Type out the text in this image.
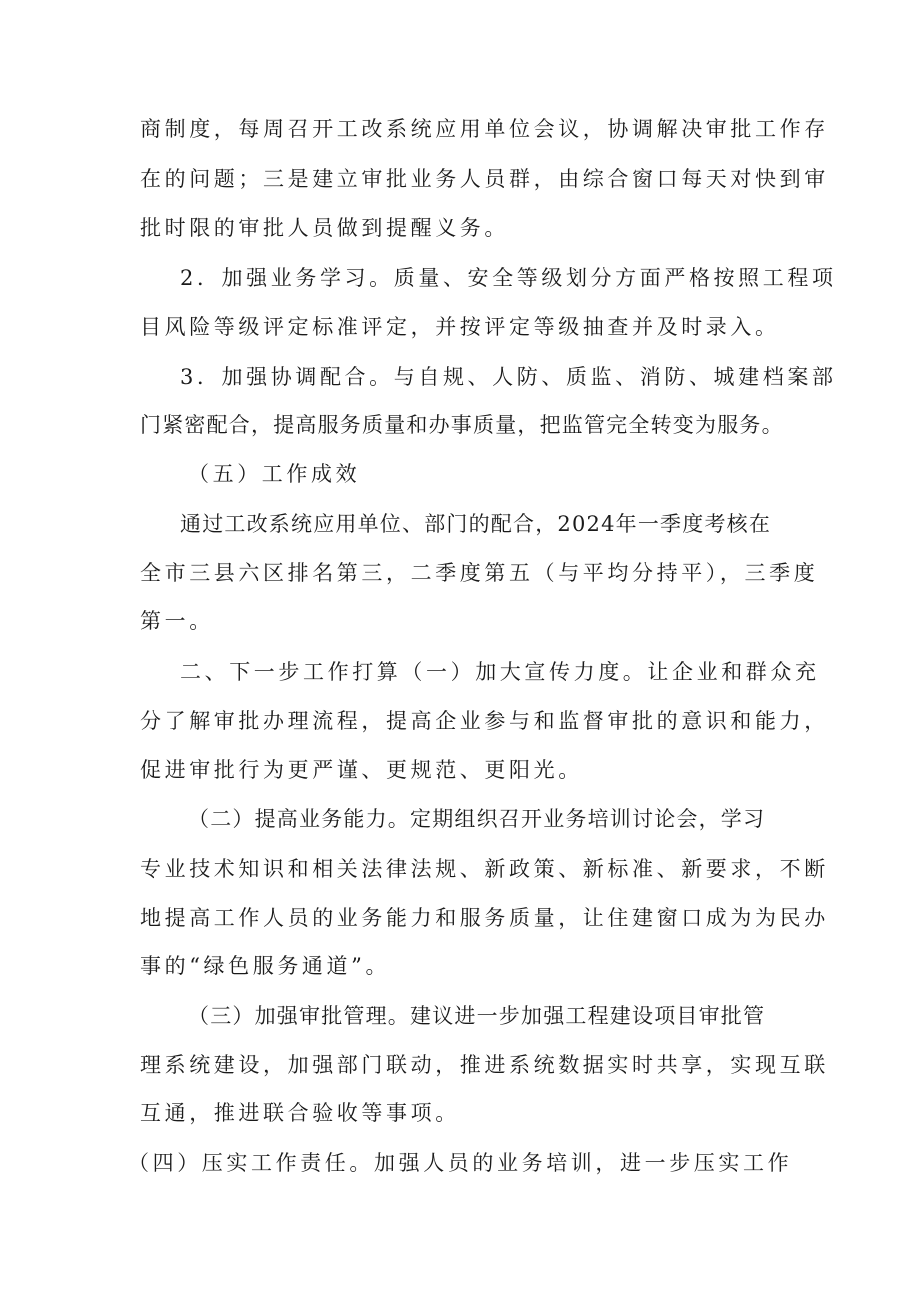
商制度，每周召开工改系统应用单位会议，协调解决审批工作存
在的问题；三是建立审批业务人员群，由综合窗口每天对快到审
批时限的审批人员做到提醒义务。
2．加强业务学习。质量、安全等级划分方面严格按照工程项
目风险等级评定标准评定，并按评定等级抽查并及时录入。
3．加强协调配合。与自规、人防、质监、消防、城建档案部
门紧密配合，提高服务质量和办事质量，把监管完全转变为服务。
（五）工作成效
通过工改系统应用单位、部门的配合，2024年一季度考核在
全市三县六区排名第三，二季度第五（与平均分持平），三季度
第一。
二、下一步工作打算（一）加大宣传力度。让企业和群众充
分了解审批办理流程，提高企业参与和监督审批的意识和能力，
促进审批行为更严谨、更规范、更阳光。
（二）提高业务能力。定期组织召开业务培训讨论会，学习
专业技术知识和相关法律法规、新政策、新标准、新要求，不断
地提高工作人员的业务能力和服务质量，让住建窗口成为为民办
事的“绿色服务通道”。
（三）加强审批管理。建议进一步加强工程建设项目审批管
理系统建设，加强部门联动，推进系统数据实时共享，实现互联
互通，推进联合验收等事项。
（四）压实工作责任。加强人员的业务培训，进一步压实工作
